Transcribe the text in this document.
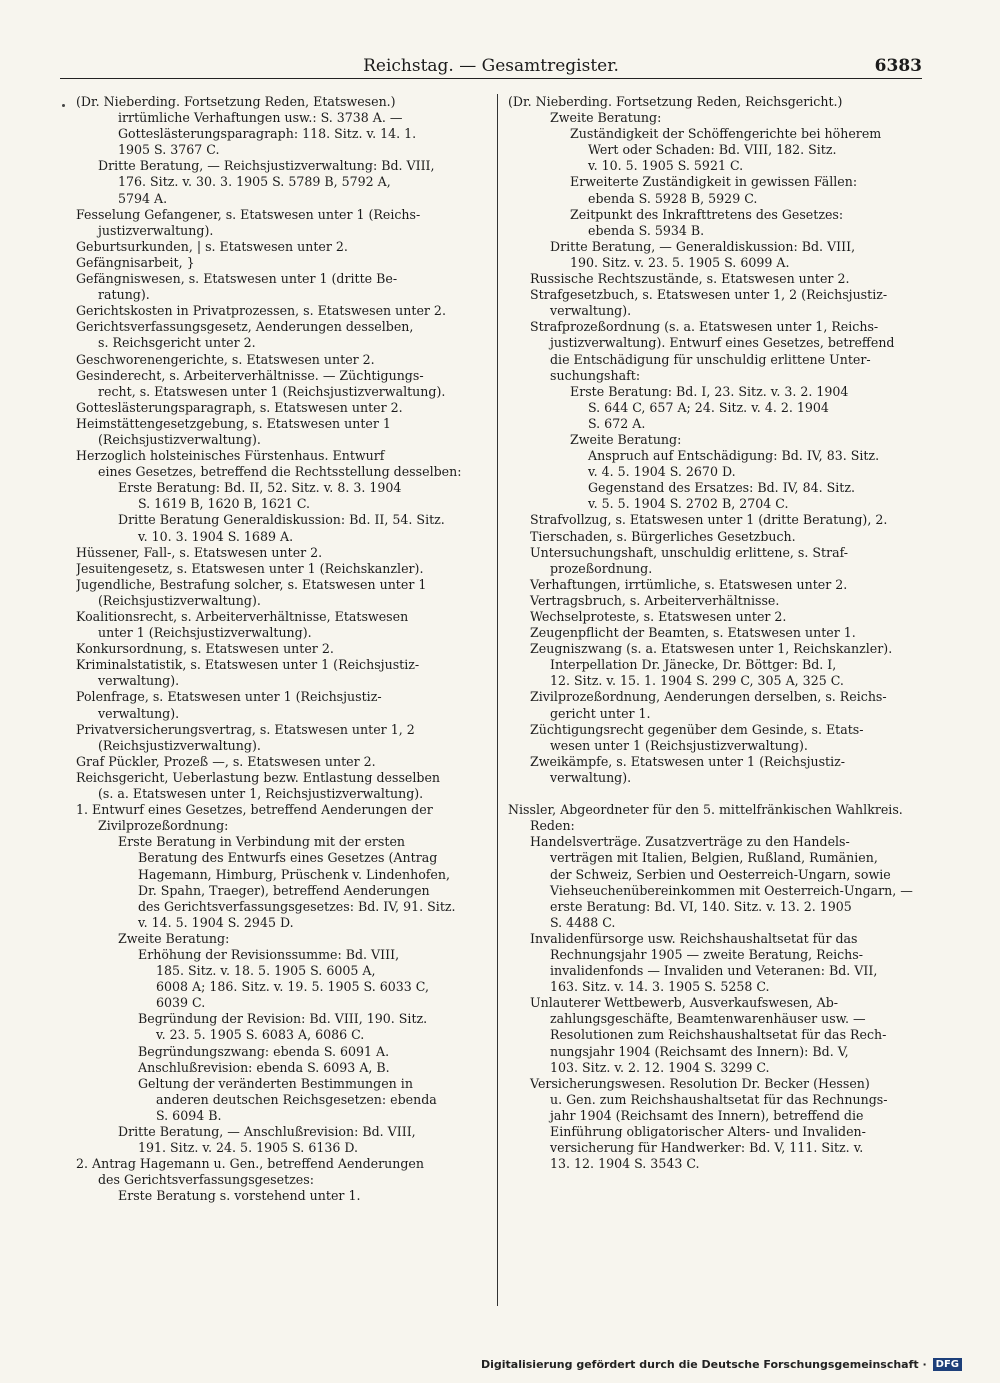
Reichstag. — Gesamtregister.	6383
(Dr. Nieberding. Fortsetzung Reden, Etatswesen.)
irrtümliche Verhaftungen usw.: S. 3738 A. —
Gotteslästerungsparagraph: 118. Sitz. v. 14. 1.
1905 S. 3767 C.
Dritte Beratung, — Reichsjustizverwaltung: Bd. VIII,
176. Sitz. v. 30. 3. 1905 S. 5789 B, 5792 A,
5794 A.
Fesselung Gefangener, s. Etatswesen unter 1 (Reichs-
justizverwaltung).
Geburtsurkunden, | s. Etatswesen unter 2.
Gefängnisarbeit, }
Gefängniswesen, s. Etatswesen unter 1 (dritte Be-
ratung).
Gerichtskosten in Privatprozessen, s. Etatswesen unter 2.
Gerichtsverfassungsgesetz, Aenderungen desselben,
s. Reichsgericht unter 2.
Geschworenengerichte, s. Etatswesen unter 2.
Gesinderecht, s. Arbeiterverhältnisse. — Züchtigungs-
recht, s. Etatswesen unter 1 (Reichsjustizverwaltung).
Gotteslästerungsparagraph, s. Etatswesen unter 2.
Heimstättengesetzgebung, s. Etatswesen unter 1
(Reichsjustizverwaltung).
Herzoglich holsteinisches Fürstenhaus. Entwurf
eines Gesetzes, betreffend die Rechtsstellung desselben:
Erste Beratung: Bd. II, 52. Sitz. v. 8. 3. 1904
S. 1619 B, 1620 B, 1621 C.
Dritte Beratung Generaldiskussion: Bd. II, 54. Sitz.
v. 10. 3. 1904 S. 1689 A.
Hüssener, Fall-, s. Etatswesen unter 2.
Jesuitengesetz, s. Etatswesen unter 1 (Reichskanzler).
Jugendliche, Bestrafung solcher, s. Etatswesen unter 1
(Reichsjustizverwaltung).
Koalitionsrecht, s. Arbeiterverhältnisse, Etatswesen
unter 1 (Reichsjustizverwaltung).
Konkursordnung, s. Etatswesen unter 2.
Kriminalstatistik, s. Etatswesen unter 1 (Reichsjustiz-
verwaltung).
Polenfrage, s. Etatswesen unter 1 (Reichsjustiz-
verwaltung).
Privatversicherungsvertrag, s. Etatswesen unter 1, 2
(Reichsjustizverwaltung).
Graf Pückler, Prozeß —, s. Etatswesen unter 2.
Reichsgericht, Ueberlastung bezw. Entlastung desselben
(s. a. Etatswesen unter 1, Reichsjustizverwaltung).
1. Entwurf eines Gesetzes, betreffend Aenderungen der
Zivilprozeßordnung:
Erste Beratung in Verbindung mit der ersten
Beratung des Entwurfs eines Gesetzes (Antrag
Hagemann, Himburg, Prüschenk v. Lindenhofen,
Dr. Spahn, Traeger), betreffend Aenderungen
des Gerichtsverfassungsgesetzes: Bd. IV, 91. Sitz.
v. 14. 5. 1904 S. 2945 D.
Zweite Beratung:
Erhöhung der Revisionssumme: Bd. VIII,
185. Sitz. v. 18. 5. 1905 S. 6005 A,
6008 A; 186. Sitz. v. 19. 5. 1905 S. 6033 C,
6039 C.
Begründung der Revision: Bd. VIII, 190. Sitz.
v. 23. 5. 1905 S. 6083 A, 6086 C.
Begründungszwang: ebenda S. 6091 A.
Anschlußrevision: ebenda S. 6093 A, B.
Geltung der veränderten Bestimmungen in
anderen deutschen Reichsgesetzen: ebenda
S. 6094 B.
Dritte Beratung, — Anschlußrevision: Bd. VIII,
191. Sitz. v. 24. 5. 1905 S. 6136 D.
2. Antrag Hagemann u. Gen., betreffend Aenderungen
des Gerichtsverfassungsgesetzes:
Erste Beratung s. vorstehend unter 1.
(Dr. Nieberding. Fortsetzung Reden, Reichsgericht.)
Zweite Beratung:
Zuständigkeit der Schöffengerichte bei höherem
Wert oder Schaden: Bd. VIII, 182. Sitz.
v. 10. 5. 1905 S. 5921 C.
Erweiterte Zuständigkeit in gewissen Fällen:
ebenda S. 5928 B, 5929 C.
Zeitpunkt des Inkrafttretens des Gesetzes:
ebenda S. 5934 B.
Dritte Beratung, — Generaldiskussion: Bd. VIII,
190. Sitz. v. 23. 5. 1905 S. 6099 A.
Russische Rechtszustände, s. Etatswesen unter 2.
Strafgesetzbuch, s. Etatswesen unter 1, 2 (Reichsjustiz-
verwaltung).
Strafprozeßordnung (s. a. Etatswesen unter 1, Reichs-
justizverwaltung). Entwurf eines Gesetzes, betreffend
die Entschädigung für unschuldig erlittene Unter-
suchungshaft:
Erste Beratung: Bd. I, 23. Sitz. v. 3. 2. 1904
S. 644 C, 657 A; 24. Sitz. v. 4. 2. 1904
S. 672 A.
Zweite Beratung:
Anspruch auf Entschädigung: Bd. IV, 83. Sitz.
v. 4. 5. 1904 S. 2670 D.
Gegenstand des Ersatzes: Bd. IV, 84. Sitz.
v. 5. 5. 1904 S. 2702 B, 2704 C.
Strafvollzug, s. Etatswesen unter 1 (dritte Beratung), 2.
Tierschaden, s. Bürgerliches Gesetzbuch.
Untersuchungshaft, unschuldig erlittene, s. Straf-
prozeßordnung.
Verhaftungen, irrtümliche, s. Etatswesen unter 2.
Vertragsbruch, s. Arbeiterverhältnisse.
Wechselproteste, s. Etatswesen unter 2.
Zeugenpflicht der Beamten, s. Etatswesen unter 1.
Zeugniszwang (s. a. Etatswesen unter 1, Reichskanzler).
Interpellation Dr. Jänecke, Dr. Böttger: Bd. I,
12. Sitz. v. 15. 1. 1904 S. 299 C, 305 A, 325 C.
Zivilprozeßordnung, Aenderungen derselben, s. Reichs-
gericht unter 1.
Züchtigungsrecht gegenüber dem Gesinde, s. Etats-
wesen unter 1 (Reichsjustizverwaltung).
Zweikämpfe, s. Etatswesen unter 1 (Reichsjustiz-
verwaltung).

Nissler, Abgeordneter für den 5. mittelfränkischen Wahlkreis.
Reden:
Handelsverträge. Zusatzverträge zu den Handels-
verträgen mit Italien, Belgien, Rußland, Rumänien,
der Schweiz, Serbien und Oesterreich-Ungarn, sowie
Viehseuchenübereinkommen mit Oesterreich-Ungarn, —
erste Beratung: Bd. VI, 140. Sitz. v. 13. 2. 1905
S. 4488 C.
Invalidenfürsorge usw. Reichshaushaltsetat für das
Rechnungsjahr 1905 — zweite Beratung, Reichs-
invalidenfonds — Invaliden und Veteranen: Bd. VII,
163. Sitz. v. 14. 3. 1905 S. 5258 C.
Unlauterer Wettbewerb, Ausverkaufswesen, Ab-
zahlungsgeschäfte, Beamtenwarenhäuser usw. —
Resolutionen zum Reichshaushaltsetat für das Rech-
nungsjahr 1904 (Reichsamt des Innern): Bd. V,
103. Sitz. v. 2. 12. 1904 S. 3299 C.
Versicherungswesen. Resolution Dr. Becker (Hessen)
u. Gen. zum Reichshaushaltsetat für das Rechnungs-
jahr 1904 (Reichsamt des Innern), betreffend die
Einführung obligatorischer Alters- und Invaliden-
versicherung für Handwerker: Bd. V, 111. Sitz. v.
13. 12. 1904 S. 3543 C.
Digitalisierung gefördert durch die Deutsche Forschungsgemeinschaft · DFG
